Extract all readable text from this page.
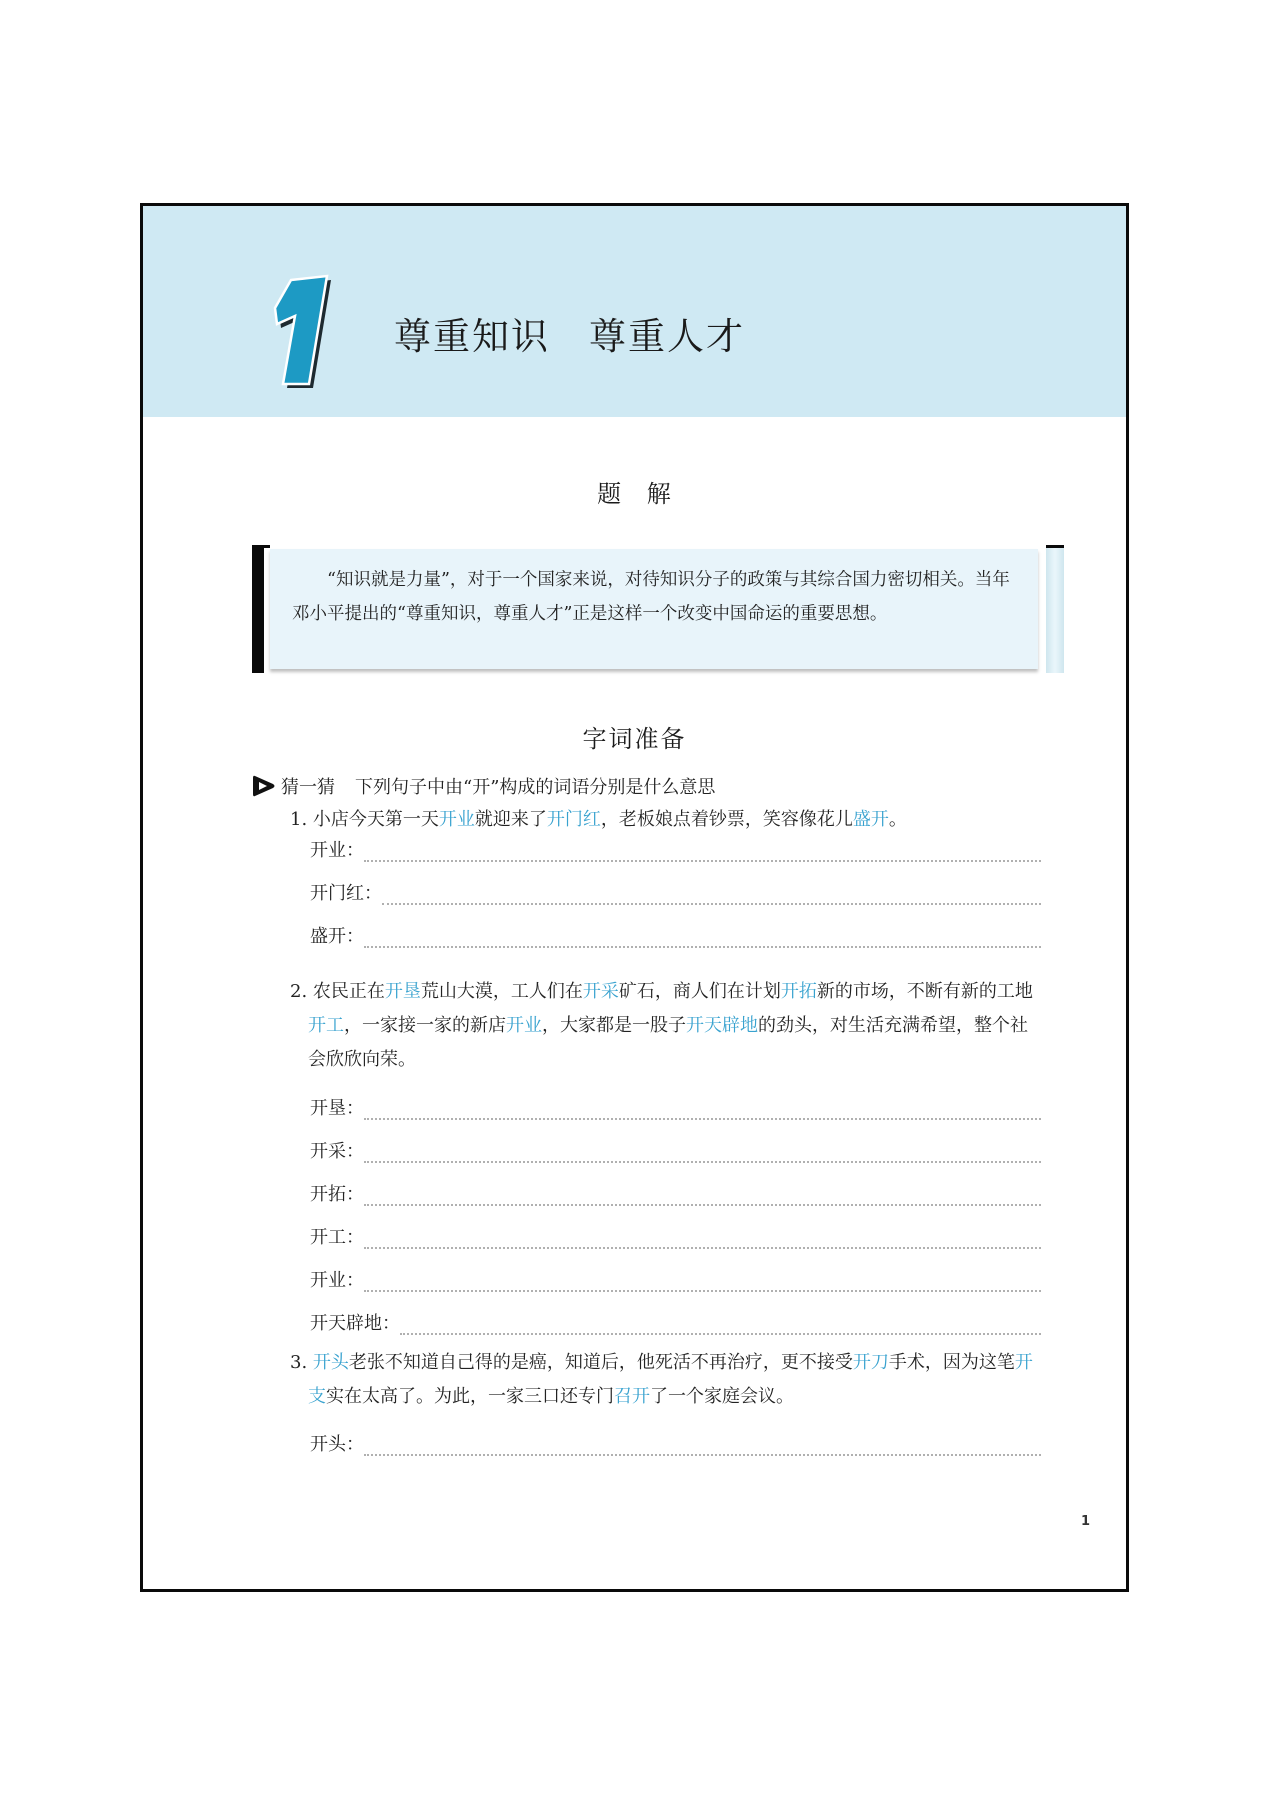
尊重知识　尊重人才
题 解
“知识就是力量”，对于一个国家来说，对待知识分子的政策与其综合国力密切相关。当年邓小平提出的“尊重知识，尊重人才”正是这样一个改变中国命运的重要思想。
字词准备
猜一猜 下列句子中由“开”构成的词语分别是什么意思
1. 小店今天第一天开业就迎来了开门红，老板娘点着钞票，笑容像花儿盛开。
开业：
开门红：
盛开：
2. 农民正在开垦荒山大漠，工人们在开采矿石，商人们在计划开拓新的市场，不断有新的工地开工，一家接一家的新店开业，大家都是一股子开天辟地的劲头，对生活充满希望，整个社会欣欣向荣。
开垦：
开采：
开拓：
开工：
开业：
开天辟地：
3. 开头老张不知道自己得的是癌，知道后，他死活不再治疗，更不接受开刀手术，因为这笔开支实在太高了。为此，一家三口还专门召开了一个家庭会议。
开头：
1
